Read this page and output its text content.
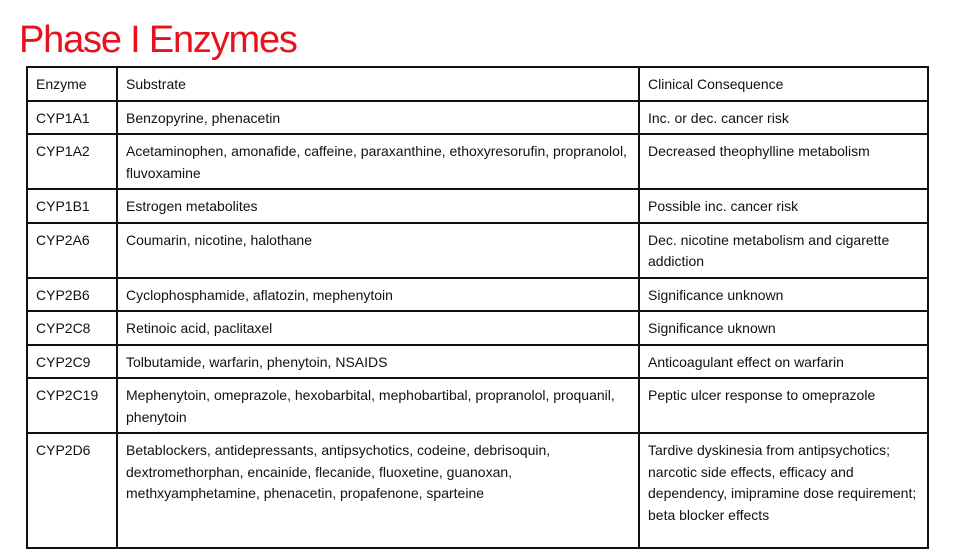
Phase I Enzymes
Enzyme	Substrate	Clinical Consequence
CYP1A1	Benzopyrine, phenacetin	Inc. or dec. cancer risk
CYP1A2	Acetaminophen, amonafide, caffeine, paraxanthine, ethoxyresorufin, propranolol, fluvoxamine	Decreased theophylline metabolism
CYP1B1	Estrogen metabolites	Possible inc. cancer risk
CYP2A6	Coumarin, nicotine, halothane	Dec. nicotine metabolism and cigarette addiction
CYP2B6	Cyclophosphamide, aflatozin, mephenytoin	Significance unknown
CYP2C8	Retinoic acid, paclitaxel	Significance uknown
CYP2C9	Tolbutamide, warfarin, phenytoin, NSAIDS	Anticoagulant effect on warfarin
CYP2C19	Mephenytoin, omeprazole, hexobarbital, mephobartibal, propranolol, proquanil, phenytoin	Peptic ulcer response to omeprazole
CYP2D6	Betablockers, antidepressants, antipsychotics, codeine, debrisoquin, dextromethorphan, encainide, flecanide, fluoxetine, guanoxan, methxyamphetamine, phenacetin, propafenone, sparteine	Tardive dyskinesia from antipsychotics; narcotic side effects, efficacy and dependency, imipramine dose requirement; beta blocker effects
